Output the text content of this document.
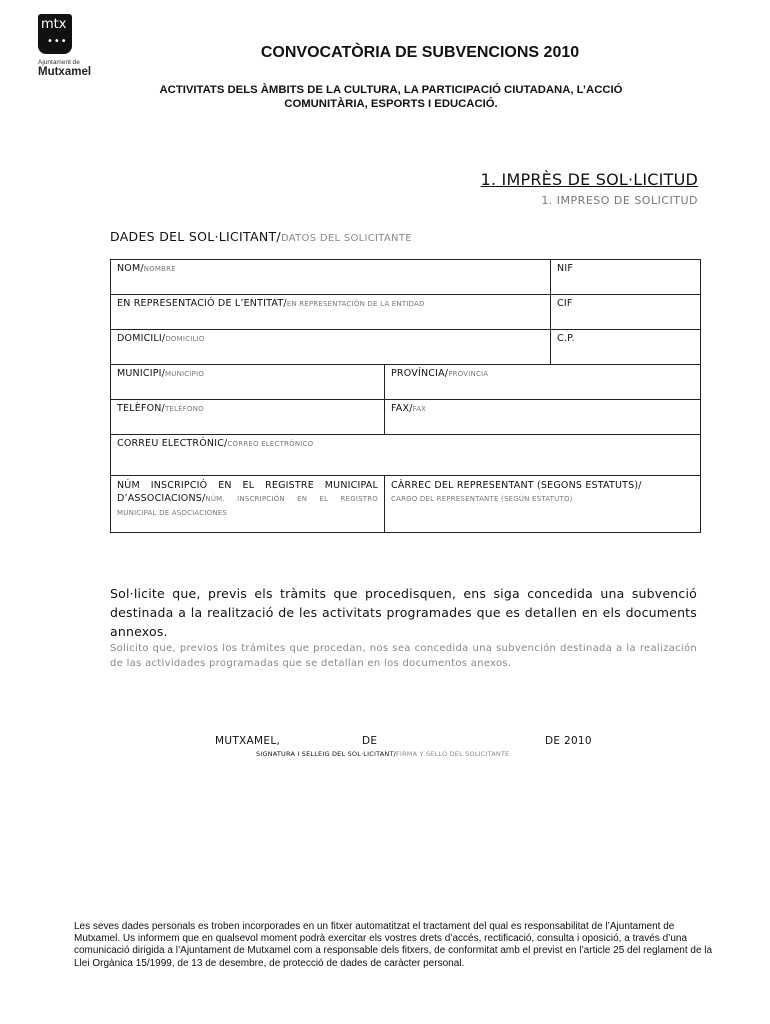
mtx
•••
Ajuntament de
Mutxamel
CONVOCATÒRIA DE SUBVENCIONS 2010
ACTIVITATS DELS ÀMBITS DE LA CULTURA, LA PARTICIPACIÓ CIUTADANA, L’ACCIÓ
COMUNITÀRIA, ESPORTS I EDUCACIÓ.
1. IMPRÈS DE SOL·LICITUD
1. IMPRESO DE SOLICITUD
DADES DEL SOL·LICITANT/DATOS DEL SOLICITANTE
NOM/NOMBRE		NIF
EN REPRESENTACIÓ DE L’ENTITAT/EN REPRESENTACIÓN DE LA ENTIDAD		CIF
DOMICILI/DOMICILIO		C.P.
MUNICIPI/MUNICIPIO	PROVÍNCIA/PROVINCIA	
TELÈFON/TELÉFONO	FAX/FAX	
CORREU ELECTRÒNIC/CORREO ELECTRÓNICO		
NÚM INSCRIPCIÓ EN EL REGISTRE MUNICIPAL D’ASSOCIACIONS/NÚM. INSCRIPCIÓN EN EL REGISTRO MUNICIPAL DE ASOCIACIONES	CÀRREC DEL REPRESENTANT (SEGONS ESTATUTS)/
CARGO DEL REPRESENTANTE (SEGÚN ESTATUTO)	
Sol·licite que, previs els tràmits que procedisquen, ens siga concedida una subvenció destinada a la realització de les activitats programades que es detallen en els documents annexos.
Solicito que, previos los trámites que procedan, nos sea concedida una subvención destinada a la realización de las actividades programadas que se detallan en los documentos anexos.
MUTXAMEL,	DE	DE 2010
SIGNATURA I SELLEIG DEL SOL·LICITANT/FIRMA Y SELLO DEL SOLICITANTE
Les seves dades personals es troben incorporades en un fitxer automatitzat el tractament del qual es responsabilitat de l’Ajuntament de Mutxamel. Us informem que en qualsevol moment podrà exercitar els vostres drets d’accés, rectificació, consulta i oposició, a través d’una comunicació dirigida a l’Ajuntament de Mutxamel com a responsable dels fitxers, de conformitat amb el previst en l’article 25 del reglament de la Llei Orgànica 15/1999, de 13 de desembre, de protecció de dades de caràcter personal.
